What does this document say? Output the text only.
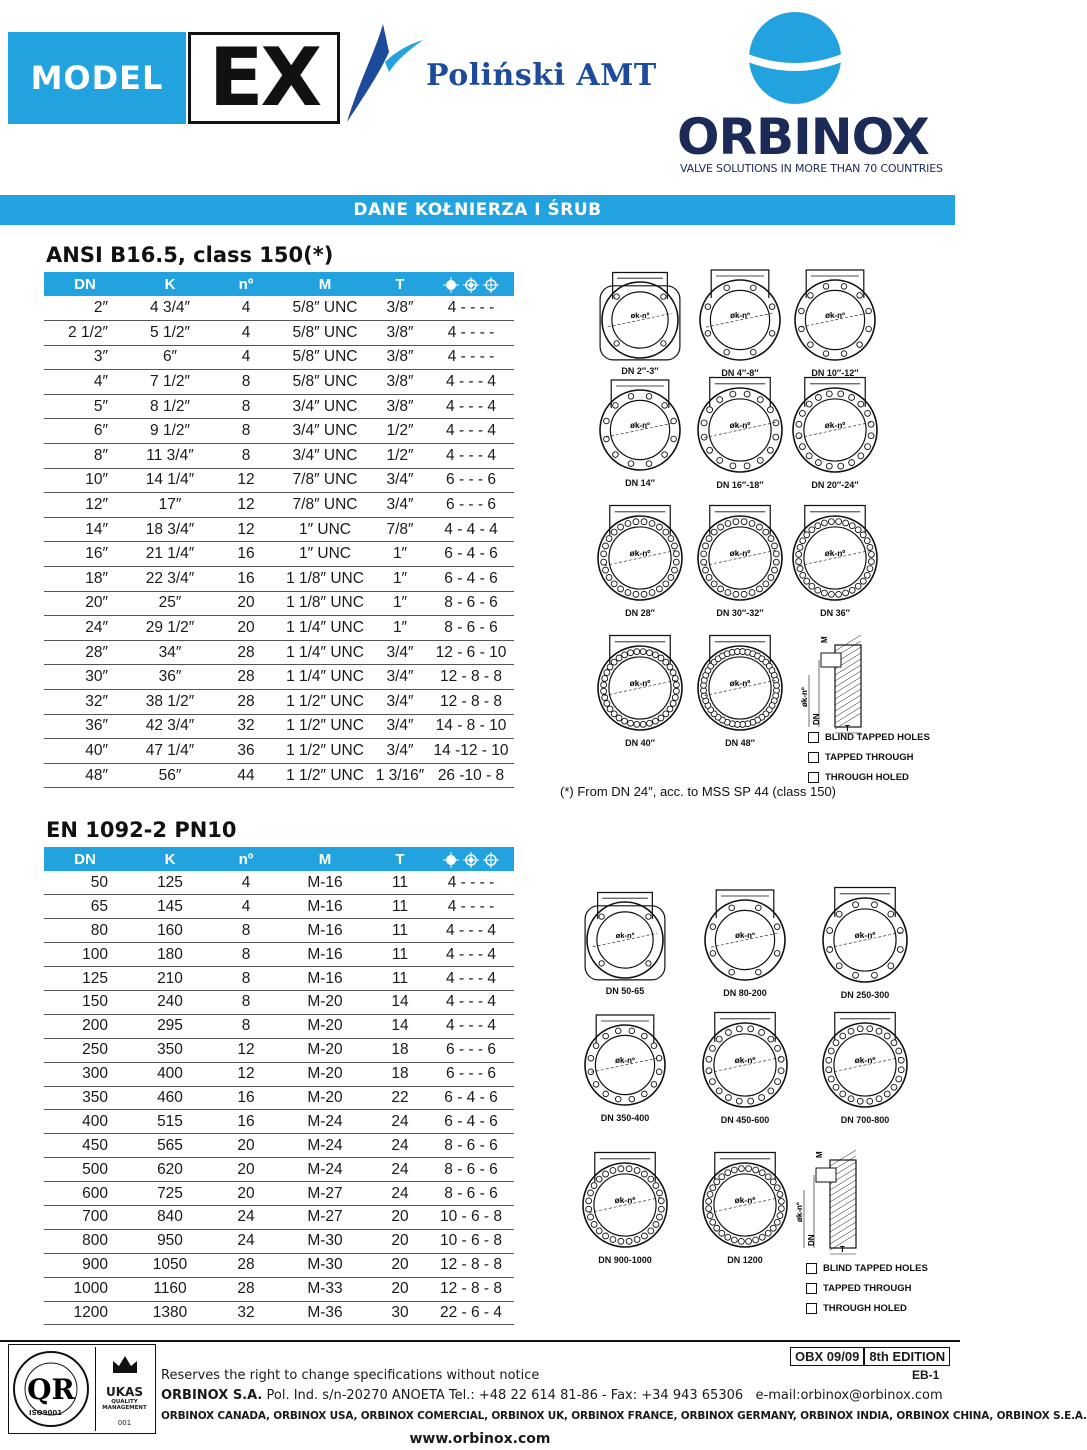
MODEL EX	Poliński AMT
ORBINOX
VALVE SOLUTIONS IN MORE THAN 70 COUNTRIES
DANE KOŁNIERZA I ŚRUB
ANSI B16.5, class 150(*)
DN	K	nº	M	T	

2″	4 3/4″	4	5/8″ UNC	3/8″	4 - - - -
2 1/2″	5 1/2″	4	5/8″ UNC	3/8″	4 - - - -
3″	6″	4	5/8″ UNC	3/8″	4 - - - -
4″	7 1/2″	8	5/8″ UNC	3/8″	4 - - - 4
5″	8 1/2″	8	3/4″ UNC	3/8″	4 - - - 4
6″	9 1/2″	8	3/4″ UNC	1/2″	4 - - - 4
8″	11 3/4″	8	3/4″ UNC	1/2″	4 - - - 4
10″	14 1/4″	12	7/8″ UNC	3/4″	6 - - - 6
12″	17″	12	7/8″ UNC	3/4″	6 - - - 6
14″	18 3/4″	12	1″ UNC	7/8″	4 - 4 - 4
16″	21 1/4″	16	1″ UNC	1″	6 - 4 - 6
18″	22 3/4″	16	1 1/8″ UNC	1″	6 - 4 - 6
20″	25″	20	1 1/8″ UNC	1″	8 - 6 - 6
24″	29 1/2″	20	1 1/4″ UNC	1″	8 - 6 - 6
28″	34″	28	1 1/4″ UNC	3/4″	12 - 6 - 10
30″	36″	28	1 1/4″ UNC	3/4″	12 - 8 - 8
32″	38 1/2″	28	1 1/2″ UNC	3/4″	12 - 8 - 8
36″	42 3/4″	32	1 1/2″ UNC	3/4″	14 - 8 - 10
40″	47 1/4″	36	1 1/2″ UNC	3/4″	14 -12 - 10
48″	56″	44	1 1/2″ UNC	1 3/16″	26 -10 - 8
øk-nº
DN 2″-3″
øk-nº
DN 4″-8″
øk-nº
DN 10″-12″
øk-nº
DN 14″
øk-nº
DN 16″-18″
øk-nº
DN 20″-24″
øk-nº
DN 28″
øk-nº
DN 30″-32″
øk-nº
DN 36″
øk-nº
DN 40″
øk-nº
DN 48″
M
øk-nº
DN
T
BLIND TAPPED HOLES
TAPPED THROUGH
THROUGH HOLED
(*) From DN 24″, acc. to MSS SP 44 (class 150)
EN 1092-2 PN10
DN	K	nº	M	T	

50	125	4	M-16	11	4 - - - -
65	145	4	M-16	11	4 - - - -
80	160	8	M-16	11	4 - - - 4
100	180	8	M-16	11	4 - - - 4
125	210	8	M-16	11	4 - - - 4
150	240	8	M-20	14	4 - - - 4
200	295	8	M-20	14	4 - - - 4
250	350	12	M-20	18	6 - - - 6
300	400	12	M-20	18	6 - - - 6
350	460	16	M-20	22	6 - 4 - 6
400	515	16	M-24	24	6 - 4 - 6
450	565	20	M-24	24	8 - 6 - 6
500	620	20	M-24	24	8 - 6 - 6
600	725	20	M-27	24	8 - 6 - 6
700	840	24	M-27	20	10 - 6 - 8
800	950	24	M-30	20	10 - 6 - 8
900	1050	28	M-30	20	12 - 8 - 8
1000	1160	28	M-33	20	12 - 8 - 8
1200	1380	32	M-36	30	22 - 6 - 4
øk-nº
DN 50-65
øk-nº
DN 80-200
øk-nº
DN 250-300
øk-nº
DN 350-400
øk-nº
DN 450-600
øk-nº
DN 700-800
øk-nº
DN 900-1000
øk-nº
DN 1200
M
øk-nº
DN
T
BLIND TAPPED HOLES
TAPPED THROUGH
THROUGH HOLED
QR
ISO9001
UKAS
QUALITY MANAGEMENT
001
OBX 09/09 8th EDITION
EB-1
Reserves the right to change specifications without notice
ORBINOX S.A. Pol. Ind. s/n-20270 ANOETA Tel.: +48 22 614 81-86 - Fax: +34 943 65306 e-mail:orbinox@orbinox.com
ORBINOX CANADA, ORBINOX USA, ORBINOX COMERCIAL, ORBINOX UK, ORBINOX FRANCE, ORBINOX GERMANY, ORBINOX INDIA, ORBINOX CHINA, ORBINOX S.E.A.
www.orbinox.com
